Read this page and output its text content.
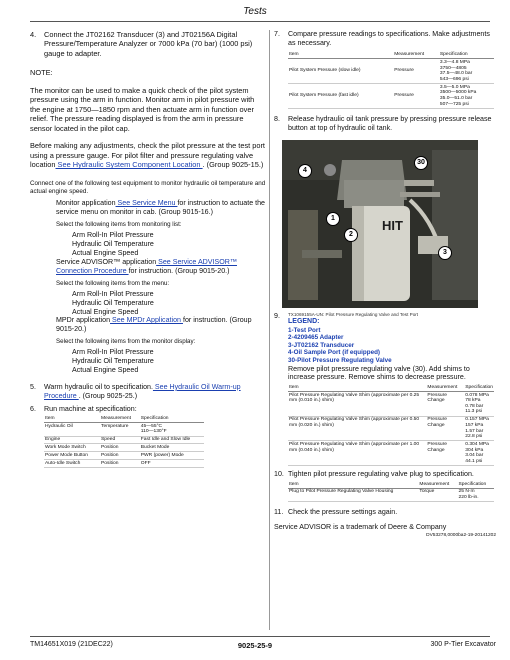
Tests
4.	Connect the JT02162 Transducer (3) and JT02156A Digital Pressure/Temperature Analyzer or 7000 kPa (70 bar) (1000 psi) gauge to adapter.

NOTE:

The monitor can be used to make a quick check of the pilot system pressure using the arm in function. Monitor arm in pilot pressure with the engine at 1750—1850 rpm and then actuate arm in function over relief. The pressure reading displayed is from the arm in pressure sensor located in the pilot cap.

Before making any adjustments, check the pilot pressure at the test port using a pressure gauge. For pilot filter and pressure regulating valve location See Hydraulic System Component Location . (Group 9025-15.)

Connect one of the following test equipment to monitor hydraulic oil temperature and actual engine speed.

Monitor application See Service Menu for instruction to actuate the service menu on monitor in cab. (Group 9015-16.)

Select the following items from monitoring list:

Arm Roll-In Pilot Pressure

Hydraulic Oil Temperature

Actual Engine Speed

Service ADVISOR™ application See Service ADVISOR™ Connection Procedure for instruction. (Group 9015-20.)

Select the following items from the menu:

Arm Roll-In Pilot Pressure

Hydraulic Oil Temperature

Actual Engine Speed

MPDr application See MPDr Application for instruction. (Group 9015-20.)

Select the following items from the monitor display:

Arm Roll-In Pilot Pressure

Hydraulic Oil Temperature

Actual Engine Speed

5.	Warm hydraulic oil to specification. See Hydraulic Oil Warm-up Procedure . (Group 9025-25.)
6.	Run machine at specification:
Item	Measurement	Specification
Hydraulic Oil	Temperature	45—55°C
110—130°F
Engine	Speed	Fast Idle and Slow Idle
Work Mode Switch	Position	Bucket Mode
Power Mode Button	Position	PWR (power) Mode
Auto-Idle Switch	Position	OFF
7.	Compare pressure readings to specifications. Make adjustments as necessary.
Item	Measurement	Specification
Pilot System Pressure (slow idle)	Pressure	3.3—4.8 MPa
3750—4805
37.5—48.0 bar
543—696 psi
Pilot System Pressure (fast idle)	Pressure	3.5—5.0 MPa
3500—5000 kPa
35.0—51.0 bar
507—725 psi
8.	Release hydraulic oil tank pressure by pressing pressure release button at top of hydraulic oil tank.
HIT
4
30
1
2
3
9.	TX1069155A-UN: Pilot Pressure Regulating Valve and Test Port
LEGEND:
1-Test Port
2-4209465 Adapter
3-JT02162 Transducer
4-Oil Sample Port (if equipped)
30-Pilot Pressure Regulating Valve
Remove pilot pressure regulating valve (30). Add shims to increase pressure. Remove shims to decrease pressure.
Item	Measurement	Specification
Pilot Pressure Regulating Valve Shim (approximate per 0.25 mm (0.010 in.) shim)	Pressure Change	0.078 MPa
78 kPa
0.78 bar
11.3 psi
Pilot Pressure Regulating Valve Shim (approximate per 0.50 mm (0.020 in.) shim)	Pressure Change	0.157 MPa
157 kPa
1.57 bar
22.8 psi
Pilot Pressure Regulating Valve Shim (approximate per 1.00 mm (0.040 in.) shim)	Pressure Change	0.304 MPa
304 kPa
3.04 bar
44.1 psi
10. Tighten pilot pressure regulating valve plug to specification.
Item	Measurement	Specification
Plug to Pilot Pressure Regulating Valve Housing	Torque	25 N·m
220 lb-in.
11. Check the pressure settings again.

Service ADVISOR is a trademark of Deere & Company

DV53278,0000ba2-19-20141202

TM14651X019 (21DEC22)	9025-25-9	300 P-Tier Excavator
